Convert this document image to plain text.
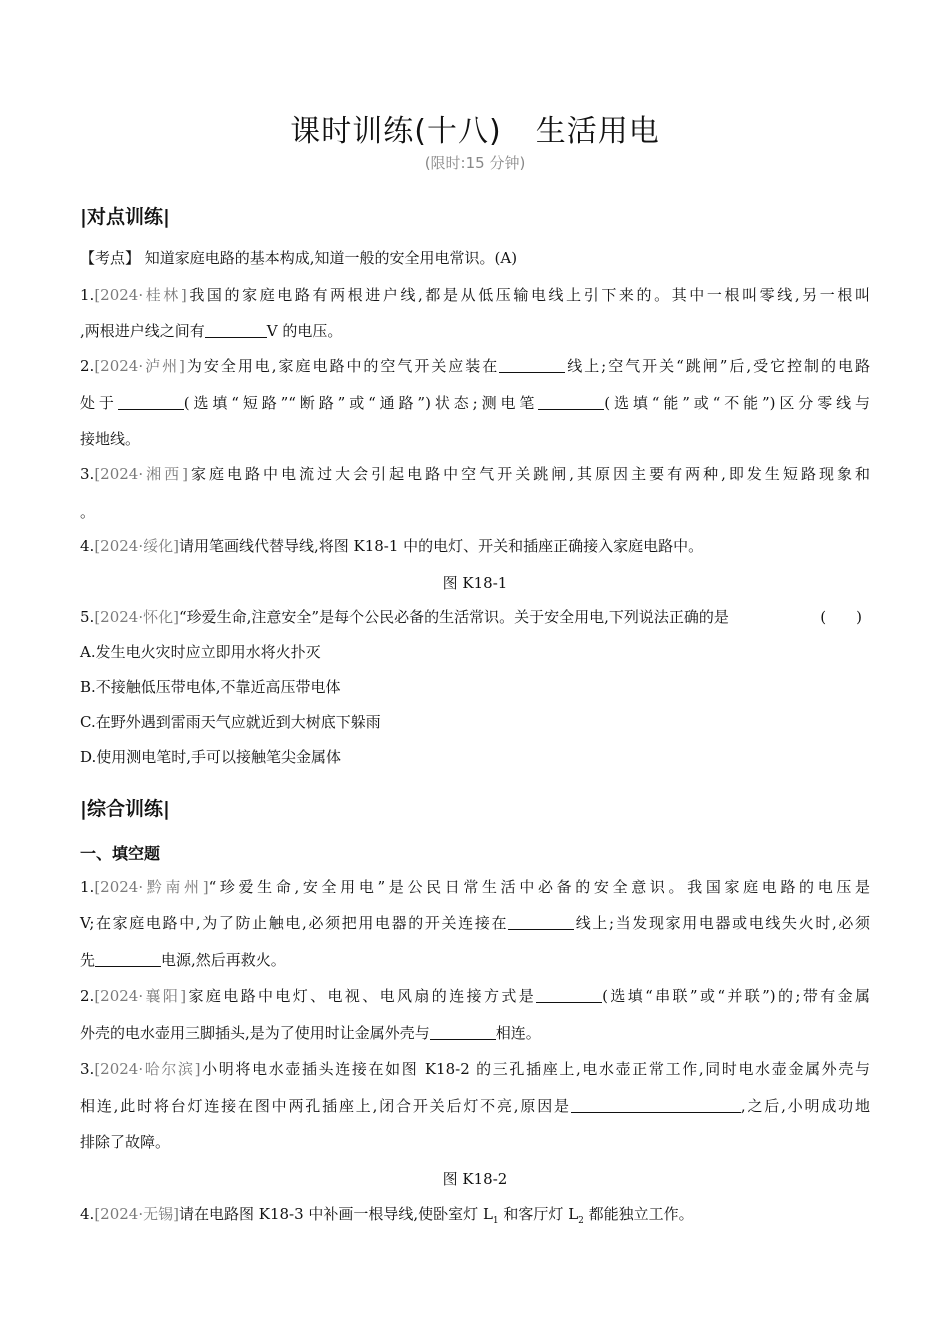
课时训练(十八) 生活用电
(限时:15 分钟)
|对点训练|
【考点】 知道家庭电路的基本构成,知道一般的安全用电常识。(A)
1.[2024·桂林]我国的家庭电路有两根进户线,都是从低压输电线上引下来的。其中一根叫零线,另一根叫
,两根进户线之间有	V 的电压。
2.[2024·泸州]为安全用电,家庭电路中的空气开关应装在	线上;空气开关“跳闸”后,受它控制的电路
处于	(选填“短路”“断路”或“通路”)状态;测电笔	(选填“能”或“不能”)区分零线与
接地线。
3.[2024·湘西]家庭电路中电流过大会引起电路中空气开关跳闸,其原因主要有两种,即发生短路现象和
。
4.[2024·绥化]请用笔画线代替导线,将图 K18-1 中的电灯、开关和插座正确接入家庭电路中。
图 K18-1
5.[2024·怀化]“珍爱生命,注意安全”是每个公民必备的生活常识。关于安全用电,下列说法正确的是	(　　)
A.发生电火灾时应立即用水将火扑灭
B.不接触低压带电体,不靠近高压带电体
C.在野外遇到雷雨天气应就近到大树底下躲雨
D.使用测电笔时,手可以接触笔尖金属体
|综合训练|
一、填空题
1.[2024·黔南州]“珍爱生命,安全用电”是公民日常生活中必备的安全意识。我国家庭电路的电压是
V;在家庭电路中,为了防止触电,必须把用电器的开关连接在	线上;当发现家用电器或电线失火时,必须
先	电源,然后再救火。
2.[2024·襄阳]家庭电路中电灯、电视、电风扇的连接方式是	(选填“串联”或“并联”)的;带有金属
外壳的电水壶用三脚插头,是为了使用时让金属外壳与	相连。
3.[2024·哈尔滨]小明将电水壶插头连接在如图 K18-2 的三孔插座上,电水壶正常工作,同时电水壶金属外壳与
相连,此时将台灯连接在图中两孔插座上,闭合开关后灯不亮,原因是	,之后,小明成功地
排除了故障。
图 K18-2
4.[2024·无锡]请在电路图 K18-3 中补画一根导线,使卧室灯 $L_1$ 和客厅灯 $L_2$ 都能独立工作。
